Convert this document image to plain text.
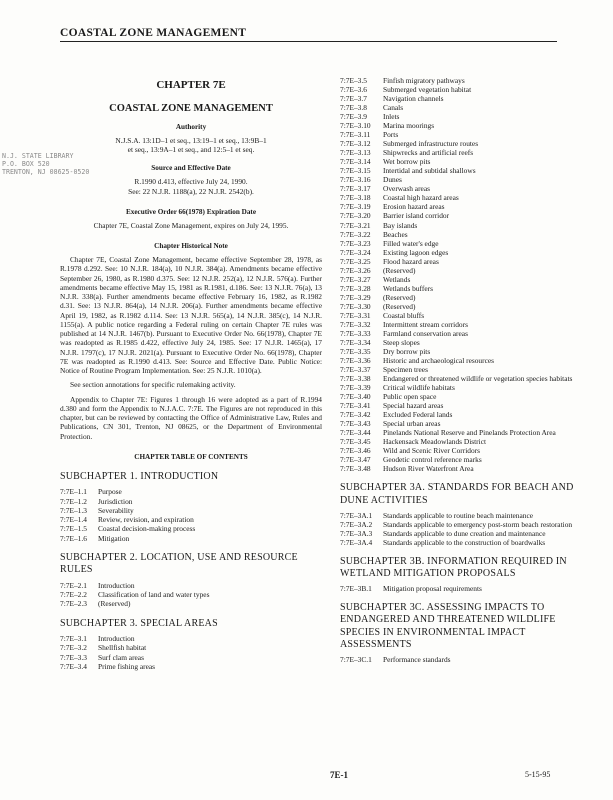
COASTAL ZONE MANAGEMENT
N.J. STATE LIBRARY
P.O. BOX 520
TRENTON, NJ 08625-0520
CHAPTER 7E
COASTAL ZONE MANAGEMENT
Authority
N.J.S.A. 13:1D–1 et seq., 13:19–1 et seq., 13:9B–1
et seq., 13:9A–1 et seq., and 12:5–1 et seq.
Source and Effective Date
R.1990 d.413, effective July 24, 1990.
See: 22 N.J.R. 1188(a), 22 N.J.R. 2542(b).
Executive Order 66(1978) Expiration Date
Chapter 7E, Coastal Zone Management, expires on July 24, 1995.
Chapter Historical Note

Chapter 7E, Coastal Zone Management, became effective September 28, 1978, as R.1978 d.292. See: 10 N.J.R. 184(a), 10 N.J.R. 384(a). Amendments became effective September 26, 1980, as R.1980 d.375. See: 12 N.J.R. 252(a), 12 N.J.R. 576(a). Further amendments became effective May 15, 1981 as R.1981, d.186. See: 13 N.J.R. 76(a), 13 N.J.R. 338(a). Further amendments became effective February 16, 1982, as R.1982 d.31. See: 13 N.J.R. 864(a), 14 N.J.R. 206(a). Further amendments became effective April 19, 1982, as R.1982 d.114. See: 13 N.J.R. 565(a), 14 N.J.R. 385(c), 14 N.J.R. 1155(a). A public notice regarding a Federal ruling on certain Chapter 7E rules was published at 14 N.J.R. 1467(b). Pursuant to Executive Order No. 66(1978), Chapter 7E was readopted as R.1985 d.422, effective July 24, 1985. See: 17 N.J.R. 1465(a), 17 N.J.R. 1797(c), 17 N.J.R. 2021(a). Pursuant to Executive Order No. 66(1978), Chapter 7E was readopted as R.1990 d.413. See: Source and Effective Date. Public Notice: Notice of Routine Program Implementation. See: 25 N.J.R. 1010(a).

See section annotations for specific rulemaking activity.

Appendix to Chapter 7E: Figures 1 through 16 were adopted as a part of R.1994 d.380 and form the Appendix to N.J.A.C. 7:7E. The Figures are not reproduced in this chapter, but can be reviewed by contacting the Office of Administrative Law, Rules and Publications, CN 301, Trenton, NJ 08625, or the Department of Environmental Protection.

CHAPTER TABLE OF CONTENTS
SUBCHAPTER 1. INTRODUCTION
7:7E–1.1	Purpose
7:7E–1.2	Jurisdiction
7:7E–1.3	Severability
7:7E–1.4	Review, revision, and expiration
7:7E–1.5	Coastal decision-making process
7:7E–1.6	Mitigation
SUBCHAPTER 2. LOCATION, USE AND RESOURCE RULES
7:7E–2.1	Introduction
7:7E–2.2	Classification of land and water types
7:7E–2.3	(Reserved)
SUBCHAPTER 3. SPECIAL AREAS
7:7E–3.1	Introduction
7:7E–3.2	Shellfish habitat
7:7E–3.3	Surf clam areas
7:7E–3.4	Prime fishing areas
7:7E–3.5	Finfish migratory pathways
7:7E–3.6	Submerged vegetation habitat
7:7E–3.7	Navigation channels
7:7E–3.8	Canals
7:7E–3.9	Inlets
7:7E–3.10	Marina moorings
7:7E–3.11	Ports
7:7E–3.12	Submerged infrastructure routes
7:7E–3.13	Shipwrecks and artificial reefs
7:7E–3.14	Wet borrow pits
7:7E–3.15	Intertidal and subtidal shallows
7:7E–3.16	Dunes
7:7E–3.17	Overwash areas
7:7E–3.18	Coastal high hazard areas
7:7E–3.19	Erosion hazard areas
7:7E–3.20	Barrier island corridor
7:7E–3.21	Bay islands
7:7E–3.22	Beaches
7:7E–3.23	Filled water's edge
7:7E–3.24	Existing lagoon edges
7:7E–3.25	Flood hazard areas
7:7E–3.26	(Reserved)
7:7E–3.27	Wetlands
7:7E–3.28	Wetlands buffers
7:7E–3.29	(Reserved)
7:7E–3.30	(Reserved)
7:7E–3.31	Coastal bluffs
7:7E–3.32	Intermittent stream corridors
7:7E–3.33	Farmland conservation areas
7:7E–3.34	Steep slopes
7:7E–3.35	Dry borrow pits
7:7E–3.36	Historic and archaeological resources
7:7E–3.37	Specimen trees
7:7E–3.38	Endangered or threatened wildlife or vegetation species habitats
7:7E–3.39	Critical wildlife habitats
7:7E–3.40	Public open space
7:7E–3.41	Special hazard areas
7:7E–3.42	Excluded Federal lands
7:7E–3.43	Special urban areas
7:7E–3.44	Pinelands National Reserve and Pinelands Protection Area
7:7E–3.45	Hackensack Meadowlands District
7:7E–3.46	Wild and Scenic River Corridors
7:7E–3.47	Geodetic control reference marks
7:7E–3.48	Hudson River Waterfront Area
SUBCHAPTER 3A. STANDARDS FOR BEACH AND DUNE ACTIVITIES
7:7E–3A.1	Standards applicable to routine beach maintenance
7:7E–3A.2	Standards applicable to emergency post-storm beach restoration
7:7E–3A.3	Standards applicable to dune creation and maintenance
7:7E–3A.4	Standards applicable to the construction of boardwalks
SUBCHAPTER 3B. INFORMATION REQUIRED IN WETLAND MITIGATION PROPOSALS
7:7E–3B.1	Mitigation proposal requirements
SUBCHAPTER 3C. ASSESSING IMPACTS TO ENDANGERED AND THREATENED WILDLIFE SPECIES IN ENVIRONMENTAL IMPACT ASSESSMENTS
7:7E–3C.1	Performance standards
7E-1	5-15-95
